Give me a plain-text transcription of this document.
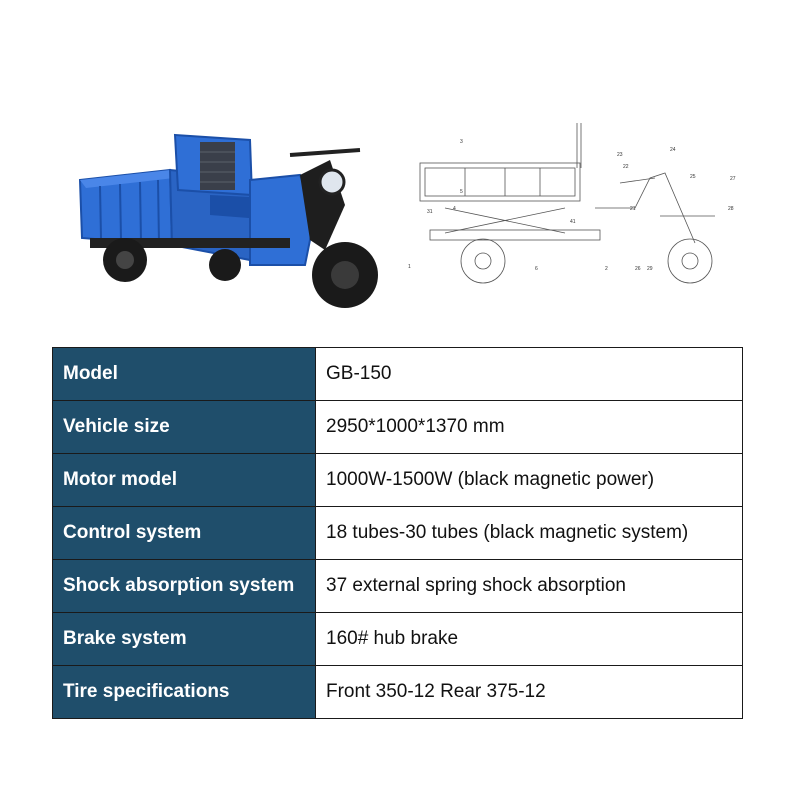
1	2
3
4
5
6
21
22
23
24
25
26
27
28
29
31
41
Model	GB-150
Vehicle size	2950*1000*1370 mm
Motor model	1000W-1500W (black magnetic power)
Control system	18 tubes-30 tubes (black magnetic system)
Shock absorption system	37 external spring shock absorption
Brake system	160# hub brake
Tire specifications	Front 350-12 Rear 375-12
